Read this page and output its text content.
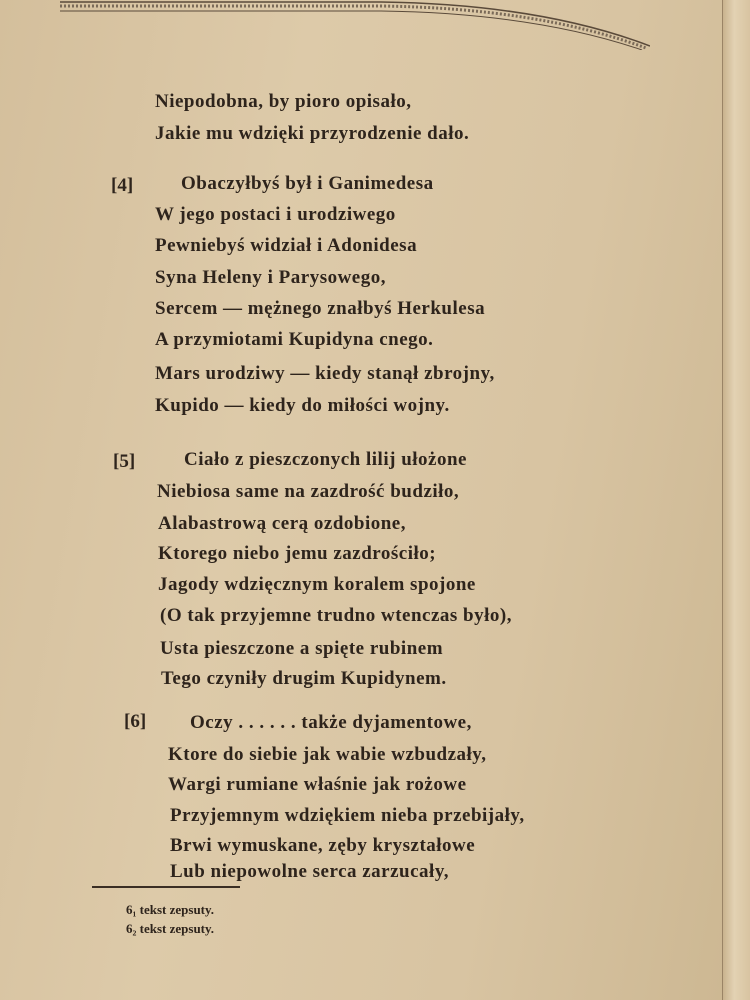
Niepodobna, by pioro opisało,
Jakie mu wdzięki przyrodzenie dało.
[4]	Obaczyłbyś był i Ganimedesa
W jego postaci i urodziwego
Pewniebyś widział i Adonidesa
Syna Heleny i Parysowego,
Sercem — mężnego znałbyś Herkulesa
A przymiotami Kupidyna cnego.
Mars urodziwy — kiedy stanął zbrojny,
Kupido — kiedy do miłości wojny.
[5]	Ciało z pieszczonych lilij ułożone
Niebiosa same na zazdrość budziło,
Alabastrową cerą ozdobione,
Ktorego niebo jemu zazdrościło;
Jagody wdzięcznym koralem spojone
(O tak przyjemne trudno wtenczas było),
Usta pieszczone a spięte rubinem
Tego czyniły drugim Kupidynem.
[6] Oczy . . . . . . także dyjamentowe,
Ktore do siebie jak wabie wzbudzały,
Wargi rumiane właśnie jak rożowe
Przyjemnym wdziękiem nieba przebijały,
Brwi wymuskane, zęby kryształowe
Lub niepowolne serca zarzucały,
6₁ tekst zepsuty.
6₂ tekst zepsuty.
